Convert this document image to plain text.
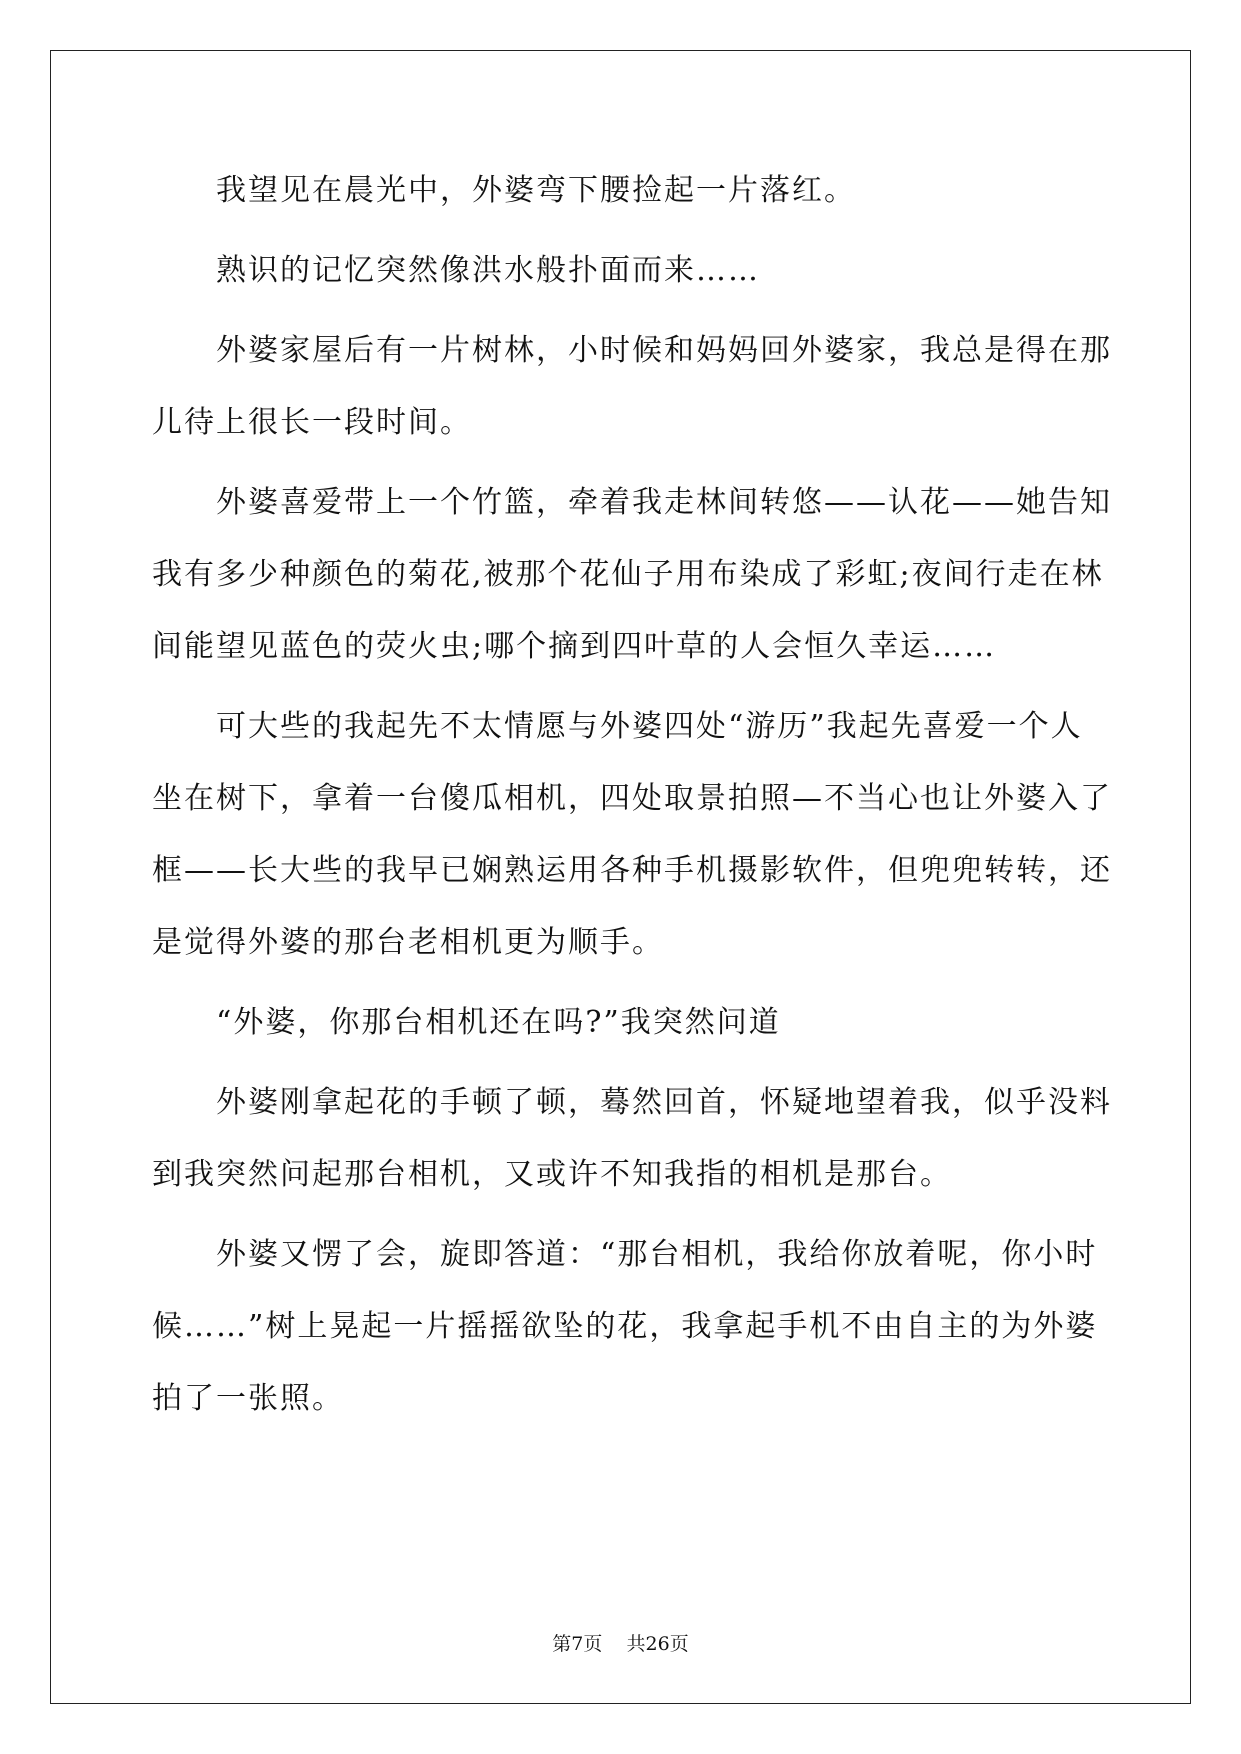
我望见在晨光中，外婆弯下腰捡起一片落红。
熟识的记忆突然像洪水般扑面而来……
外婆家屋后有一片树林，小时候和妈妈回外婆家，我总是得在那
儿待上很长一段时间。
外婆喜爱带上一个竹篮，牵着我走林间转悠——认花——她告知
我有多少种颜色的菊花,被那个花仙子用布染成了彩虹;夜间行走在林
间能望见蓝色的荧火虫;哪个摘到四叶草的人会恒久幸运……
可大些的我起先不太情愿与外婆四处“游历”我起先喜爱一个人
坐在树下，拿着一台傻瓜相机，四处取景拍照—不当心也让外婆入了
框——长大些的我早已娴熟运用各种手机摄影软件，但兜兜转转，还
是觉得外婆的那台老相机更为顺手。
“外婆，你那台相机还在吗?”我突然问道
外婆刚拿起花的手顿了顿，蓦然回首，怀疑地望着我，似乎没料
到我突然问起那台相机，又或许不知我指的相机是那台。
外婆又愣了会，旋即答道：“那台相机，我给你放着呢，你小时
候……”树上晃起一片摇摇欲坠的花，我拿起手机不由自主的为外婆
拍了一张照。
第7页 共26页
